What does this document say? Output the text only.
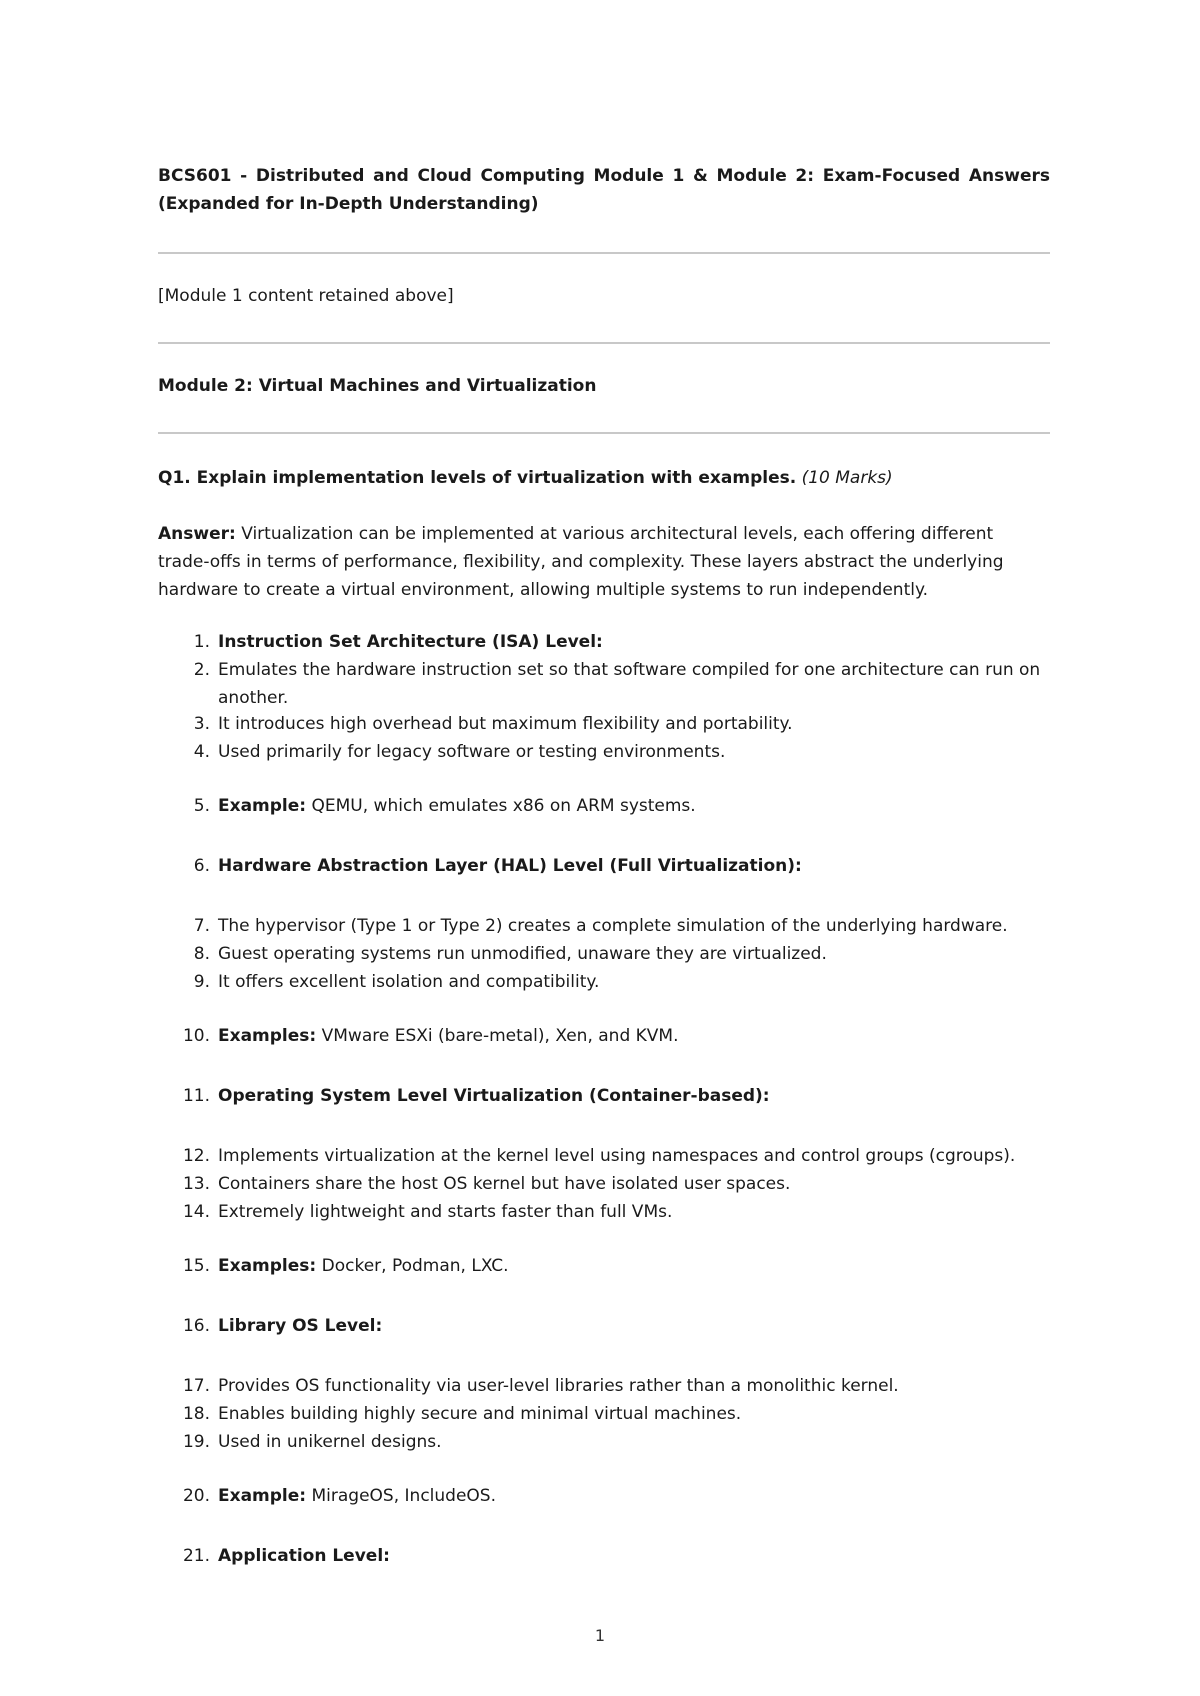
BCS601 - Distributed and Cloud Computing Module 1 & Module 2: Exam-Focused Answers (Expanded for In-Depth Understanding)
[Module 1 content retained above]
Module 2: Virtual Machines and Virtualization
Q1. Explain implementation levels of virtualization with examples. (10 Marks)
Answer: Virtualization can be implemented at various architectural levels, each offering different trade-offs in terms of performance, flexibility, and complexity. These layers abstract the underlying hardware to create a virtual environment, allowing multiple systems to run independently.
1. Instruction Set Architecture (ISA) Level:
2. Emulates the hardware instruction set so that software compiled for one architecture can run on another.
3. It introduces high overhead but maximum flexibility and portability.
4. Used primarily for legacy software or testing environments.
5. Example: QEMU, which emulates x86 on ARM systems.
6. Hardware Abstraction Layer (HAL) Level (Full Virtualization):
7. The hypervisor (Type 1 or Type 2) creates a complete simulation of the underlying hardware.
8. Guest operating systems run unmodified, unaware they are virtualized.
9. It offers excellent isolation and compatibility.
10. Examples: VMware ESXi (bare-metal), Xen, and KVM.
11. Operating System Level Virtualization (Container-based):
12. Implements virtualization at the kernel level using namespaces and control groups (cgroups).
13. Containers share the host OS kernel but have isolated user spaces.
14. Extremely lightweight and starts faster than full VMs.
15. Examples: Docker, Podman, LXC.
16. Library OS Level:
17. Provides OS functionality via user-level libraries rather than a monolithic kernel.
18. Enables building highly secure and minimal virtual machines.
19. Used in unikernel designs.
20. Example: MirageOS, IncludeOS.
21. Application Level:
1
